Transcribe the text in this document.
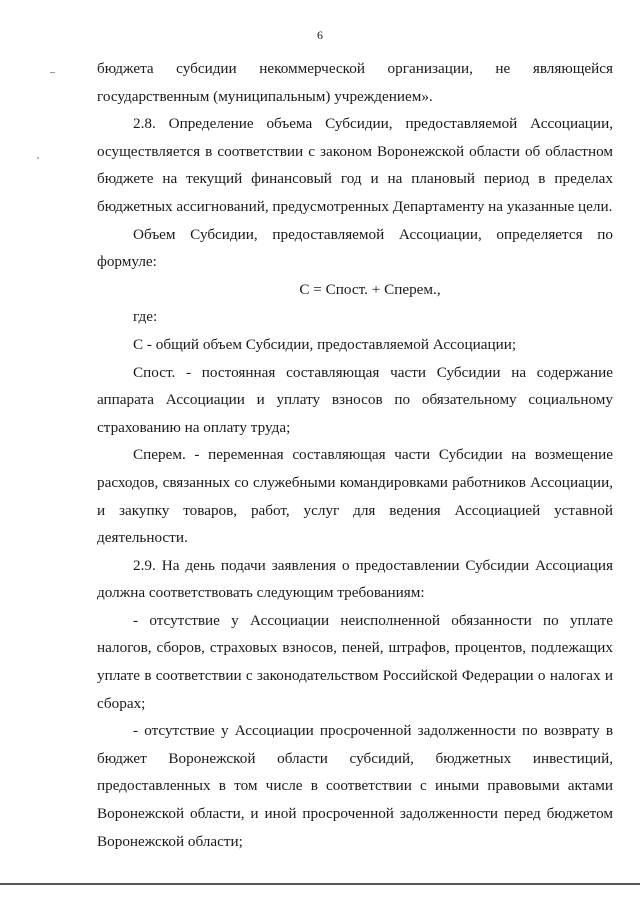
6

бюджета субсидии некоммерческой организации, не являющейся государственным (муниципальным) учреждением».

2.8. Определение объема Субсидии, предоставляемой Ассоциации, осуществляется в соответствии с законом Воронежской области об областном бюджете на текущий финансовый год и на плановый период в пределах бюджетных ассигнований, предусмотренных Департаменту на указанные цели.

Объем Субсидии, предоставляемой Ассоциации, определяется по формуле:

С = Спост. + Сперем.,

где:

С - общий объем Субсидии, предоставляемой Ассоциации;

Спост. - постоянная составляющая части Субсидии на содержание аппарата Ассоциации и уплату взносов по обязательному социальному страхованию на оплату труда;

Сперем. - переменная составляющая части Субсидии на возмещение расходов, связанных со служебными командировками работников Ассоциации, и закупку товаров, работ, услуг для ведения Ассоциацией уставной деятельности.

2.9. На день подачи заявления о предоставлении Субсидии Ассоциация должна соответствовать следующим требованиям:

- отсутствие у Ассоциации неисполненной обязанности по уплате налогов, сборов, страховых взносов, пеней, штрафов, процентов, подлежащих уплате в соответствии с законодательством Российской Федерации о налогах и сборах;

- отсутствие у Ассоциации просроченной задолженности по возврату в бюджет Воронежской области субсидий, бюджетных инвестиций, предоставленных в том числе в соответствии с иными правовыми актами Воронежской области, и иной просроченной задолженности перед бюджетом Воронежской области;
